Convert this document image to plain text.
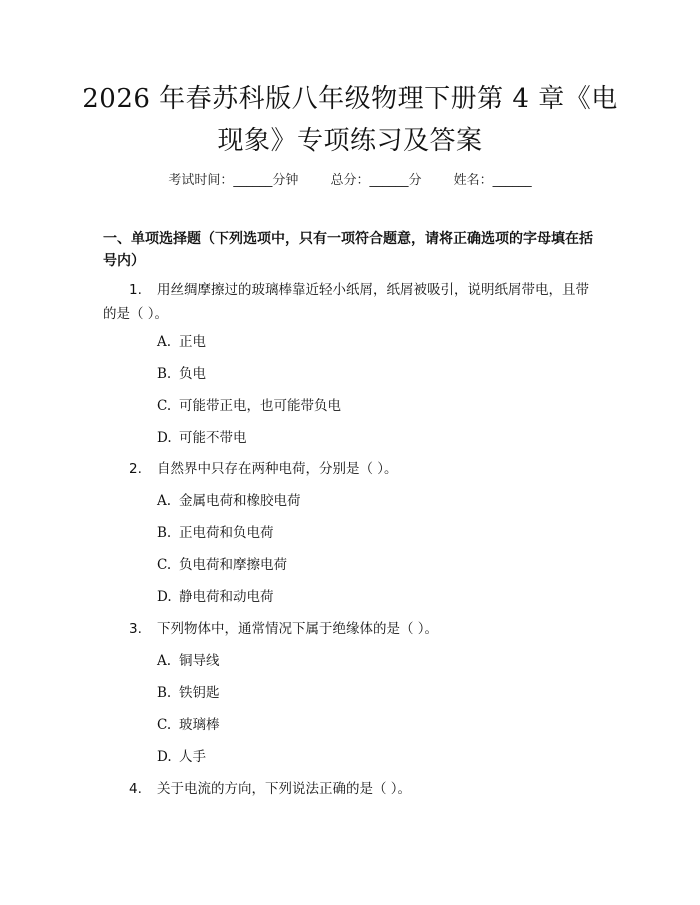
2026 年春苏科版八年级物理下册第 4 章《电
现象》专项练习及答案
考试时间：______分钟 总分：______分 姓名：______

一、单项选择题（下列选项中，只有一项符合题意，请将正确选项的字母填在括号内）

1. 用丝绸摩擦过的玻璃棒靠近轻小纸屑，纸屑被吸引，说明纸屑带电，且带
的是（ ）。
A. 正电
B. 负电
C. 可能带正电，也可能带负电
D. 可能不带电
2. 自然界中只存在两种电荷，分别是（ ）。
A. 金属电荷和橡胶电荷
B. 正电荷和负电荷
C. 负电荷和摩擦电荷
D. 静电荷和动电荷
3. 下列物体中，通常情况下属于绝缘体的是（ ）。
A. 铜导线
B. 铁钥匙
C. 玻璃棒
D. 人手
4. 关于电流的方向，下列说法正确的是（ ）。
